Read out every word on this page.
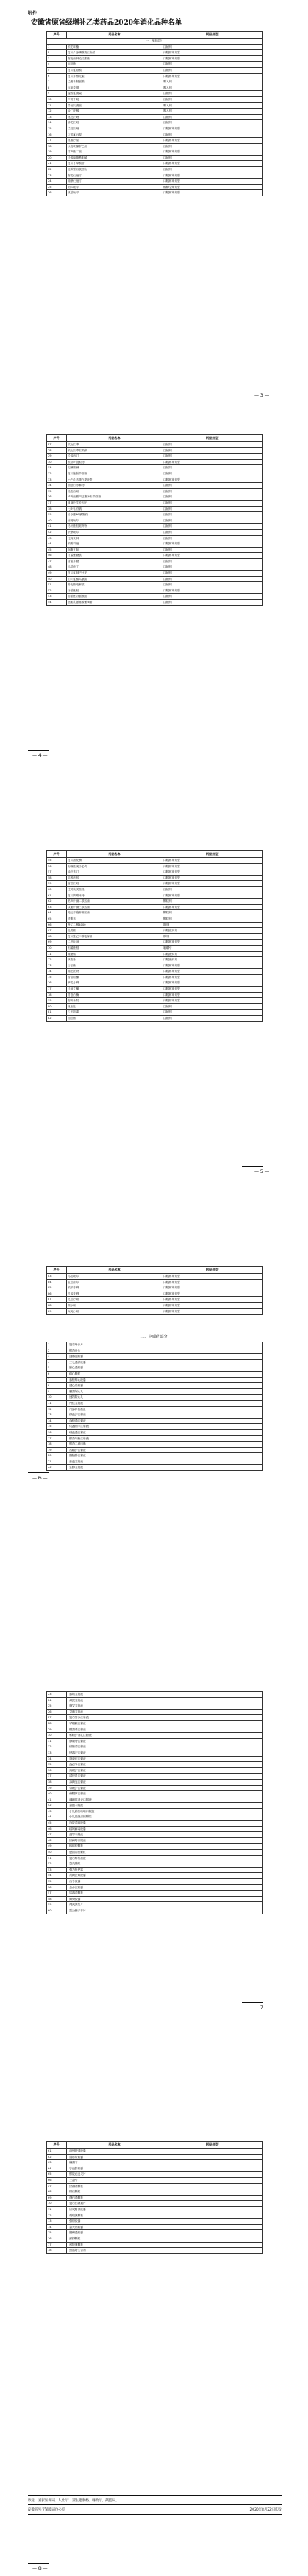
附件
安徽省原省级增补乙类药品2020年消化品种名单
序号	药品名称	药品剂型
一、西药部分		
1	依托咪酯	注射剂
2	复方丹参磷酸钠注射液	口服常释剂型
3	阿莫西林克拉维酸	口服常释剂型
4	丙泊酚	注射剂
5	复方氨基酸	注射剂
6	复方多维元素	口服常释剂型
7	乙酰半胱氨酸	吸入剂
8	布地奈德	吸入剂
9	盐酸氨溴索	注射剂
10	甲氧苄啶	注射剂
11	异丙托溴铵	吸入剂
12	沙丁胺醇	吸入剂
13	奥美拉唑	注射剂
14	泮托拉唑	注射剂
15	兰索拉唑	口服常释剂型
16	左氧氟沙星	注射剂
17	莫西沙星	口服常释剂型
18	头孢哌酮舒巴坦	注射剂
19	甘草酸二铵	口服常释剂型
20	多烯磷脂酰胆碱	注射剂
21	复方甘草酸苷	口服常释剂型
22	还原型谷胱甘肽	注射剂
23	阿托伐他汀	口服常释剂型
24	瑞舒伐他汀	口服常释剂型
25	硝苯地平	缓释控释剂型
26	氨氯地平	口服常释剂型
— 3 —
序号	药品名称	药品剂型
27	依达拉奉	注射剂
28	依达拉奉右莰醇	注射剂
29	长春西汀	注射剂
30	银杏叶提取物	口服常释剂型
31	胞磷胆碱	注射剂
32	复方脑肽节苷脂	注射剂
33	小牛血去蛋白提取物	口服常释剂型
34	脑蛋白水解物	注射剂
35	奥拉西坦	注射剂
36	单唾液酸四己糖神经节苷脂	注射剂
37	鼠神经生长因子	注射剂
38	七叶皂苷钠	注射剂
39	丹参酮ⅡA磺酸钠	注射剂
40	前列地尔	注射剂
41	马来酸桂哌齐特	注射剂
42	法舒地尔	注射剂
43	尤瑞克林	注射剂
44	依帕司他	口服常释剂型
45	胸腺五肽	注射剂
46	甘露聚糖肽	口服常释剂型
47	香菇多糖	注射剂
48	乌司他丁	注射剂
49	复方氨林巴比妥	注射剂
50	门冬氨酸鸟氨酸	注射剂
51	转化糖电解质	注射剂
52	谷氨酰胺	口服常释剂型
53	丙氨酰谷氨酰胺	注射剂
54	脂肪乳氨基酸葡萄糖	注射剂
— 4 —
序号	药品名称	药品剂型
55	复方消化酶	口服常释剂型
56	枸橼酸莫沙必利	口服常释剂型
57	曲美布汀	口服常释剂型
58	匹维溴铵	口服常释剂型
59	雷贝拉唑	口服常释剂型
60	艾司奥美拉唑	注射剂
61	复方阿嗪米特	口服常释剂型
62	枯草杆菌二联活菌	颗粒剂
63	双歧杆菌三联活菌	口服常释剂型
64	地衣芽孢杆菌活菌	颗粒剂
65	蒙脱石	颗粒剂
66	聚乙二醇4000	散剂
67	乳果糖	口服液体剂
68	复方聚乙二醇电解质	散剂
69	二甲硅油	口服常释剂型
70	铝碳酸镁	咀嚼片
71	硫糖铝	口服液体剂
72	康复新	口服液体剂
73	吉法酯	口服常释剂型
74	瑞巴派特	口服常释剂型
75	替普瑞酮	口服常释剂型
76	伊托必利	口服常释剂型
77	多潘立酮	口服常释剂型
78	胃蛋白酶	口服常释剂型
79	阿嗪米特	口服常释剂型
80	奥曲肽	注射剂
81	生长抑素	注射剂
82	加贝酯	注射剂
— 5 —
序号	药品名称	药品剂型
83	乌拉地尔	口服常释剂型
84	拉贝洛尔	口服常释剂型
85	依那普利	口服常释剂型
86	贝那普利	口服常释剂型
87	厄贝沙坦	口服常释剂型
88	缬沙坦	口服常释剂型
89	坎地沙坦	口服常释剂型
二、中成药部分
1	复方丹参片
2	银杏叶片
3	血塞通胶囊
4	三七通舒胶囊
5	脑心通胶囊
6	稳心颗粒
7	参松养心胶囊
8	通心络胶囊
9	麝香保心丸
10	速效救心丸
11	丹红注射液
12	丹参多酚酸盐
13	舒血宁注射液
14	血栓通注射液
15	灯盏细辛注射液
16	疏血通注射液
17	银杏内酯注射液
18	银杏二萜内酯
19	苦碟子注射液
20	醒脑静注射液
21	参麦注射液
22	生脉注射液
— 6 —
23	参附注射液
24	黄芪注射液
25	康艾注射液
26	艾迪注射液
27	复方苦参注射液
28	华蟾素注射液
29	榄香烯注射液
30	鸦胆子油乳注射液
31	康莱特注射液
32	痰热清注射液
33	热毒宁注射液
34	喜炎平注射液
35	血必净注射液
36	炎琥宁注射液
37	清开灵注射液
38	双黄连注射液
39	穿琥宁注射液
40	鱼腥草注射液
41	蒲地蓝消炎口服液
42	金振口服液
43	小儿肺热咳喘口服液
44	小儿豉翘清热颗粒
45	连花清瘟胶囊
46	疏风解毒胶囊
47	蓝芩口服液
48	抗病毒口服液
49	板蓝根颗粒
50	感冒清热颗粒
51	复方鲜竹沥液
52	急支糖浆
53	强力枇杷露
54	苏黄止咳胶囊
55	百令胶囊
56	金水宝胶囊
57	尿毒清颗粒
58	黄葵胶囊
59	肾炎康复片
60	雷公藤多苷片
— 7 —
序号	药品名称	药品剂型
61	前列舒通胶囊	
62	普乐安胶囊	
63	癃清片	
64	宁泌泰胶囊	
65	银花泌炎灵片	
66	三金片	
67	热淋清颗粒	
68	排石颗粒	
69	肾石通颗粒	
70	复方石淋通片	
71	仙灵骨葆胶囊	
72	骨疏康颗粒	
73	强骨胶囊	
74	金天格胶囊	
75	腰痹通胶囊	
76	颈舒颗粒	
77	颈复康颗粒	
78	独活寄生合剂	
抄送：国家医保局，人社厅、卫生健康委、财政厅、药监局。
安徽省医疗保障局办公室	2020年8月22日印发
— 8 —
